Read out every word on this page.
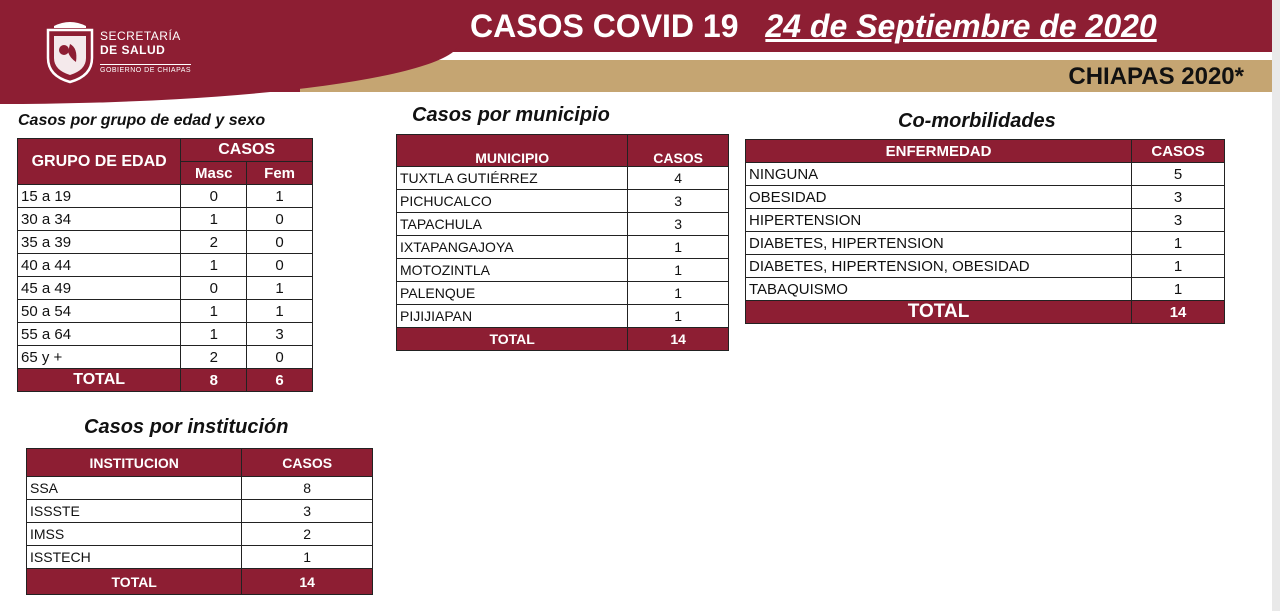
SECRETARÍA
DE SALUD
GOBIERNO DE CHIAPAS
CASOS COVID 19 24 de Septiembre de 2020
CHIAPAS 2020*
Casos por grupo de edad y sexo
GRUPO DE EDAD	CASOS	
	Masc	Fem
15 a 19	0	1
30 a 34	1	0
35 a 39	2	0
40 a 44	1	0
45 a 49	0	1
50 a 54	1	1
55 a 64	1	3
65 y +	2	0
TOTAL	8	6
Casos por municipio
MUNICIPIO	CASOS
TUXTLA GUTIÉRREZ	4
PICHUCALCO	3
TAPACHULA	3
IXTAPANGAJOYA	1
MOTOZINTLA	1
PALENQUE	1
PIJIJIAPAN	1
TOTAL	14
Co-morbilidades
ENFERMEDAD	CASOS
NINGUNA	5
OBESIDAD	3
HIPERTENSION	3
DIABETES, HIPERTENSION	1
DIABETES, HIPERTENSION, OBESIDAD	1
TABAQUISMO	1
TOTAL	14
Casos por institución
INSTITUCION	CASOS
SSA	8
ISSSTE	3
IMSS	2
ISSTECH	1
TOTAL	14
